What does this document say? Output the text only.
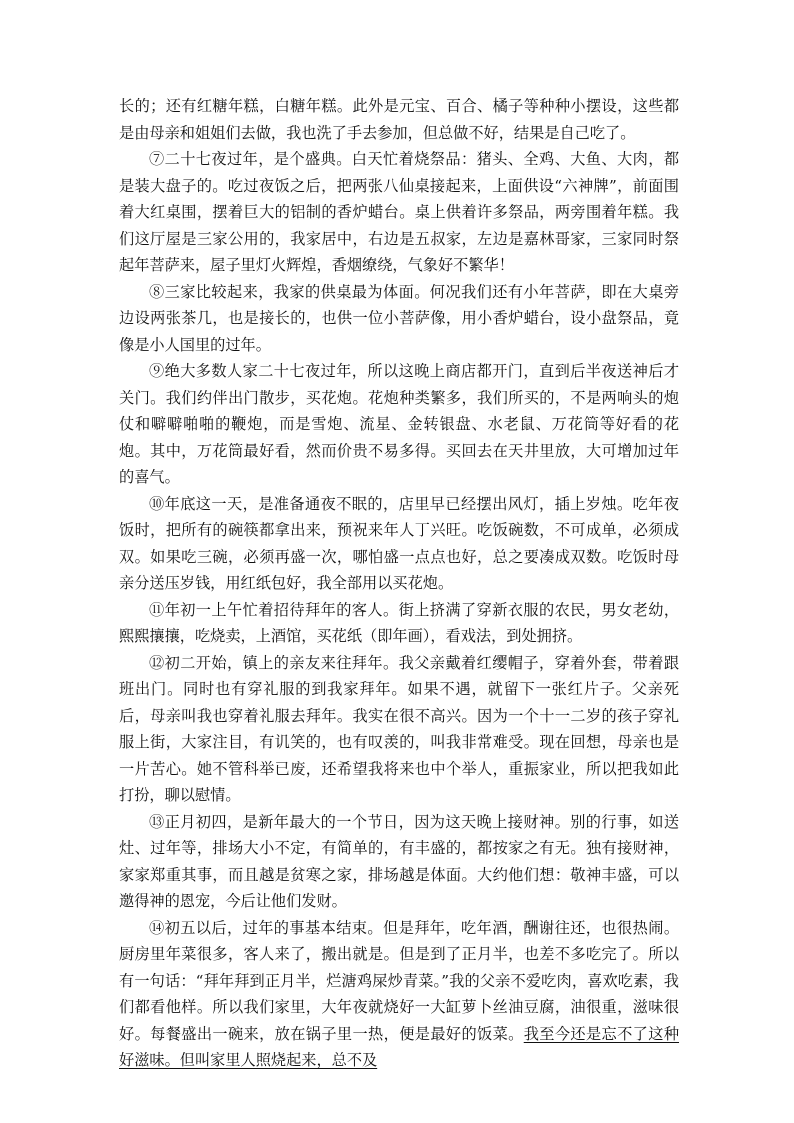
长的；还有红糖年糕，白糖年糕。此外是元宝、百合、橘子等种种小摆设，这些都是由母亲和姐姐们去做，我也洗了手去参加，但总做不好，结果是自己吃了。

⑦二十七夜过年，是个盛典。白天忙着烧祭品：猪头、全鸡、大鱼、大肉，都是装大盘子的。吃过夜饭之后，把两张八仙桌接起来，上面供设“六神牌”，前面围着大红桌围，摆着巨大的铝制的香炉蜡台。桌上供着许多祭品，两旁围着年糕。我们这厅屋是三家公用的，我家居中，右边是五叔家，左边是嘉林哥家，三家同时祭起年菩萨来，屋子里灯火辉煌，香烟缭绕，气象好不繁华！

⑧三家比较起来，我家的供桌最为体面。何况我们还有小年菩萨，即在大桌旁边设两张茶几，也是接长的，也供一位小菩萨像，用小香炉蜡台，设小盘祭品，竟像是小人国里的过年。

⑨绝大多数人家二十七夜过年，所以这晚上商店都开门，直到后半夜送神后才关门。我们约伴出门散步，买花炮。花炮种类繁多，我们所买的，不是两响头的炮仗和噼噼啪啪的鞭炮，而是雪炮、流星、金转银盘、水老鼠、万花筒等好看的花炮。其中，万花筒最好看，然而价贵不易多得。买回去在天井里放，大可增加过年的喜气。

⑩年底这一天，是准备通夜不眠的，店里早已经摆出风灯，插上岁烛。吃年夜饭时，把所有的碗筷都拿出来，预祝来年人丁兴旺。吃饭碗数，不可成单，必须成双。如果吃三碗，必须再盛一次，哪怕盛一点点也好，总之要凑成双数。吃饭时母亲分送压岁钱，用红纸包好，我全部用以买花炮。

⑪年初一上午忙着招待拜年的客人。街上挤满了穿新衣服的农民，男女老幼，熙熙攘攘，吃烧卖，上酒馆，买花纸（即年画），看戏法，到处拥挤。

⑫初二开始，镇上的亲友来往拜年。我父亲戴着红缨帽子，穿着外套，带着跟班出门。同时也有穿礼服的到我家拜年。如果不遇，就留下一张红片子。父亲死后，母亲叫我也穿着礼服去拜年。我实在很不高兴。因为一个十一二岁的孩子穿礼服上街，大家注目，有讥笑的，也有叹羡的，叫我非常难受。现在回想，母亲也是一片苦心。她不管科举已废，还希望我将来也中个举人，重振家业，所以把我如此打扮，聊以慰情。

⑬正月初四，是新年最大的一个节日，因为这天晚上接财神。别的行事，如送灶、过年等，排场大小不定，有简单的，有丰盛的，都按家之有无。独有接财神，家家郑重其事，而且越是贫寒之家，排场越是体面。大约他们想：敬神丰盛，可以邀得神的恩宠，今后让他们发财。

⑭初五以后，过年的事基本结束。但是拜年，吃年酒，酬谢往还，也很热闹。厨房里年菜很多，客人来了，搬出就是。但是到了正月半，也差不多吃完了。所以有一句话：“拜年拜到正月半，烂溏鸡屎炒青菜。”我的父亲不爱吃肉，喜欢吃素，我们都看他样。所以我们家里，大年夜就烧好一大缸萝卜丝油豆腐，油很重，滋味很好。每餐盛出一碗来，放在锅子里一热，便是最好的饭菜。我至今还是忘不了这种好滋味。但叫家里人照烧起来，总不及
